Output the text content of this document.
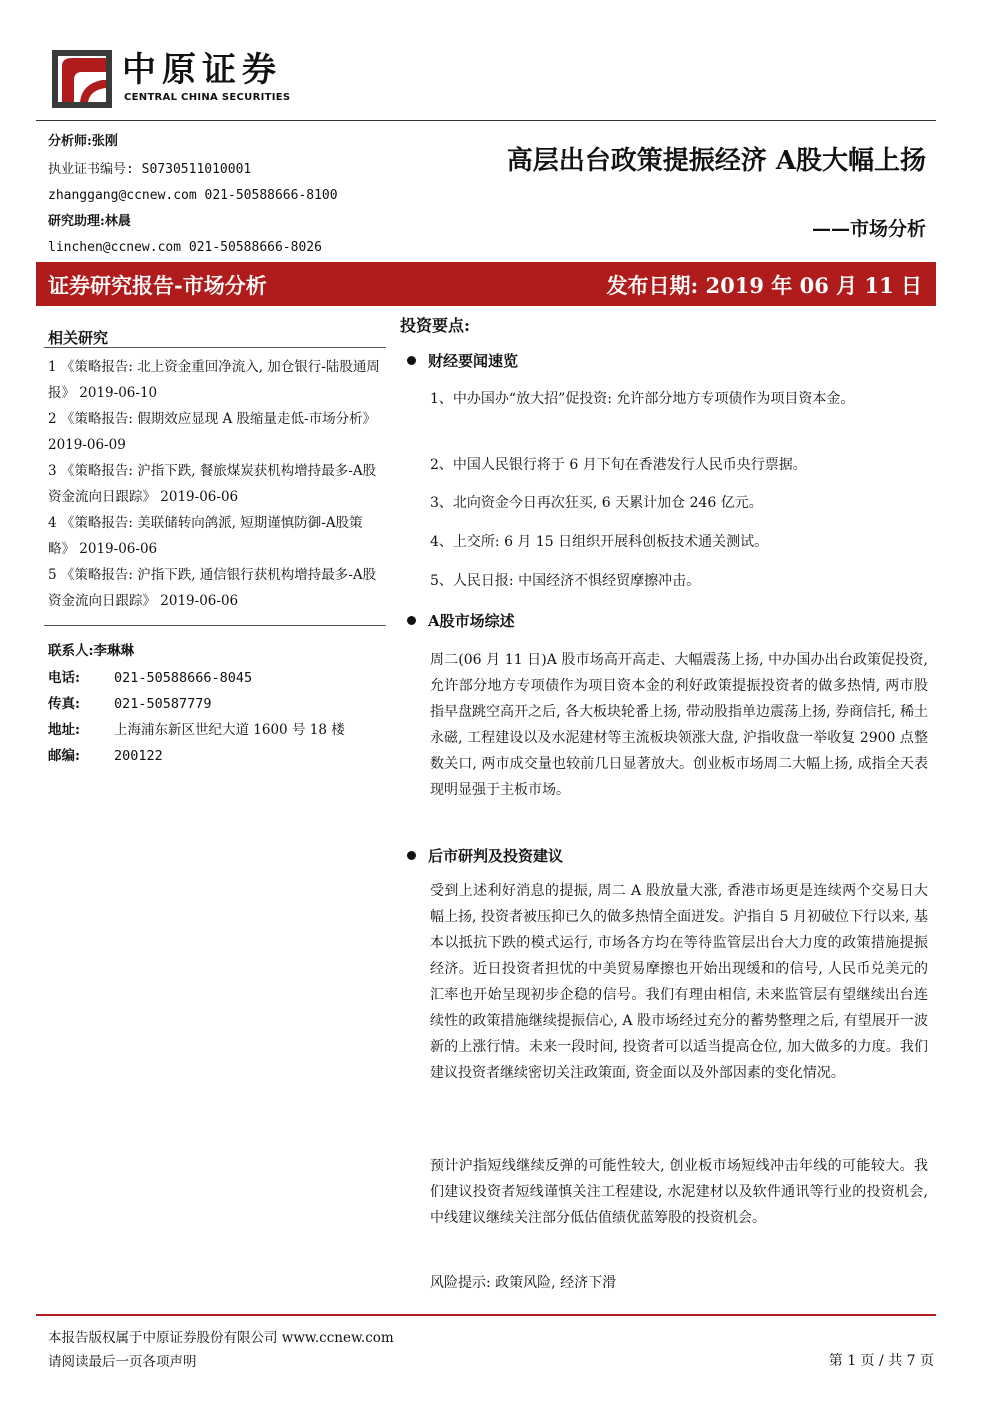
中原证券
CENTRAL CHINA SECURITIES
分析师:张刚
执业证书编号: S0730511010001
zhanggang@ccnew.com 021-50588666-8100
研究助理:林晨
linchen@ccnew.com 021-50588666-8026
高层出台政策提振经济 A股大幅上扬
——市场分析
证券研究报告-市场分析	发布日期: 2019 年 06 月 11 日
相关研究

1 《策略报告: 北上资金重回净流入, 加仓银行-陆股通周报》 2019-06-10

2 《策略报告: 假期效应显现 A 股缩量走低-市场分析》 2019-06-09

3 《策略报告: 沪指下跌, 餐旅煤炭获机构增持最多-A股资金流向日跟踪》 2019-06-06

4 《策略报告: 美联储转向鸽派, 短期谨慎防御-A股策略》 2019-06-06

5 《策略报告: 沪指下跌, 通信银行获机构增持最多-A股资金流向日跟踪》 2019-06-06

联系人:李琳琳
电话:	021-50588666-8045
传真:	021-50587779
地址:	上海浦东新区世纪大道 1600 号 18 楼
邮编:	200122
投资要点:
财经要闻速览
1、中办国办“放大招”促投资: 允许部分地方专项债作为项目资本金。
2、中国人民银行将于 6 月下旬在香港发行人民币央行票据。
3、北向资金今日再次狂买, 6 天累计加仓 246 亿元。
4、上交所: 6 月 15 日组织开展科创板技术通关测试。
5、人民日报: 中国经济不惧经贸摩擦冲击。
A股市场综述
周二(06 月 11 日)A 股市场高开高走、大幅震荡上扬, 中办国办出台政策促投资, 允许部分地方专项债作为项目资本金的利好政策提振投资者的做多热情, 两市股指早盘跳空高开之后, 各大板块轮番上扬, 带动股指单边震荡上扬, 券商信托, 稀土永磁, 工程建设以及水泥建材等主流板块领涨大盘, 沪指收盘一举收复 2900 点整数关口, 两市成交量也较前几日显著放大。创业板市场周二大幅上扬, 成指全天表现明显强于主板市场。
后市研判及投资建议
受到上述利好消息的提振, 周二 A 股放量大涨, 香港市场更是连续两个交易日大幅上扬, 投资者被压抑已久的做多热情全面迸发。沪指自 5 月初破位下行以来, 基本以抵抗下跌的模式运行, 市场各方均在等待监管层出台大力度的政策措施提振经济。近日投资者担忧的中美贸易摩擦也开始出现缓和的信号, 人民币兑美元的汇率也开始呈现初步企稳的信号。我们有理由相信, 未来监管层有望继续出台连续性的政策措施继续提振信心, A 股市场经过充分的蓄势整理之后, 有望展开一波新的上涨行情。未来一段时间, 投资者可以适当提高仓位, 加大做多的力度。我们建议投资者继续密切关注政策面, 资金面以及外部因素的变化情况。
预计沪指短线继续反弹的可能性较大, 创业板市场短线冲击年线的可能较大。我们建议投资者短线谨慎关注工程建设, 水泥建材以及软件通讯等行业的投资机会, 中线建议继续关注部分低估值绩优蓝筹股的投资机会。
风险提示: 政策风险, 经济下滑
本报告版权属于中原证券股份有限公司 www.ccnew.com
请阅读最后一页各项声明	第 1 页 / 共 7 页
